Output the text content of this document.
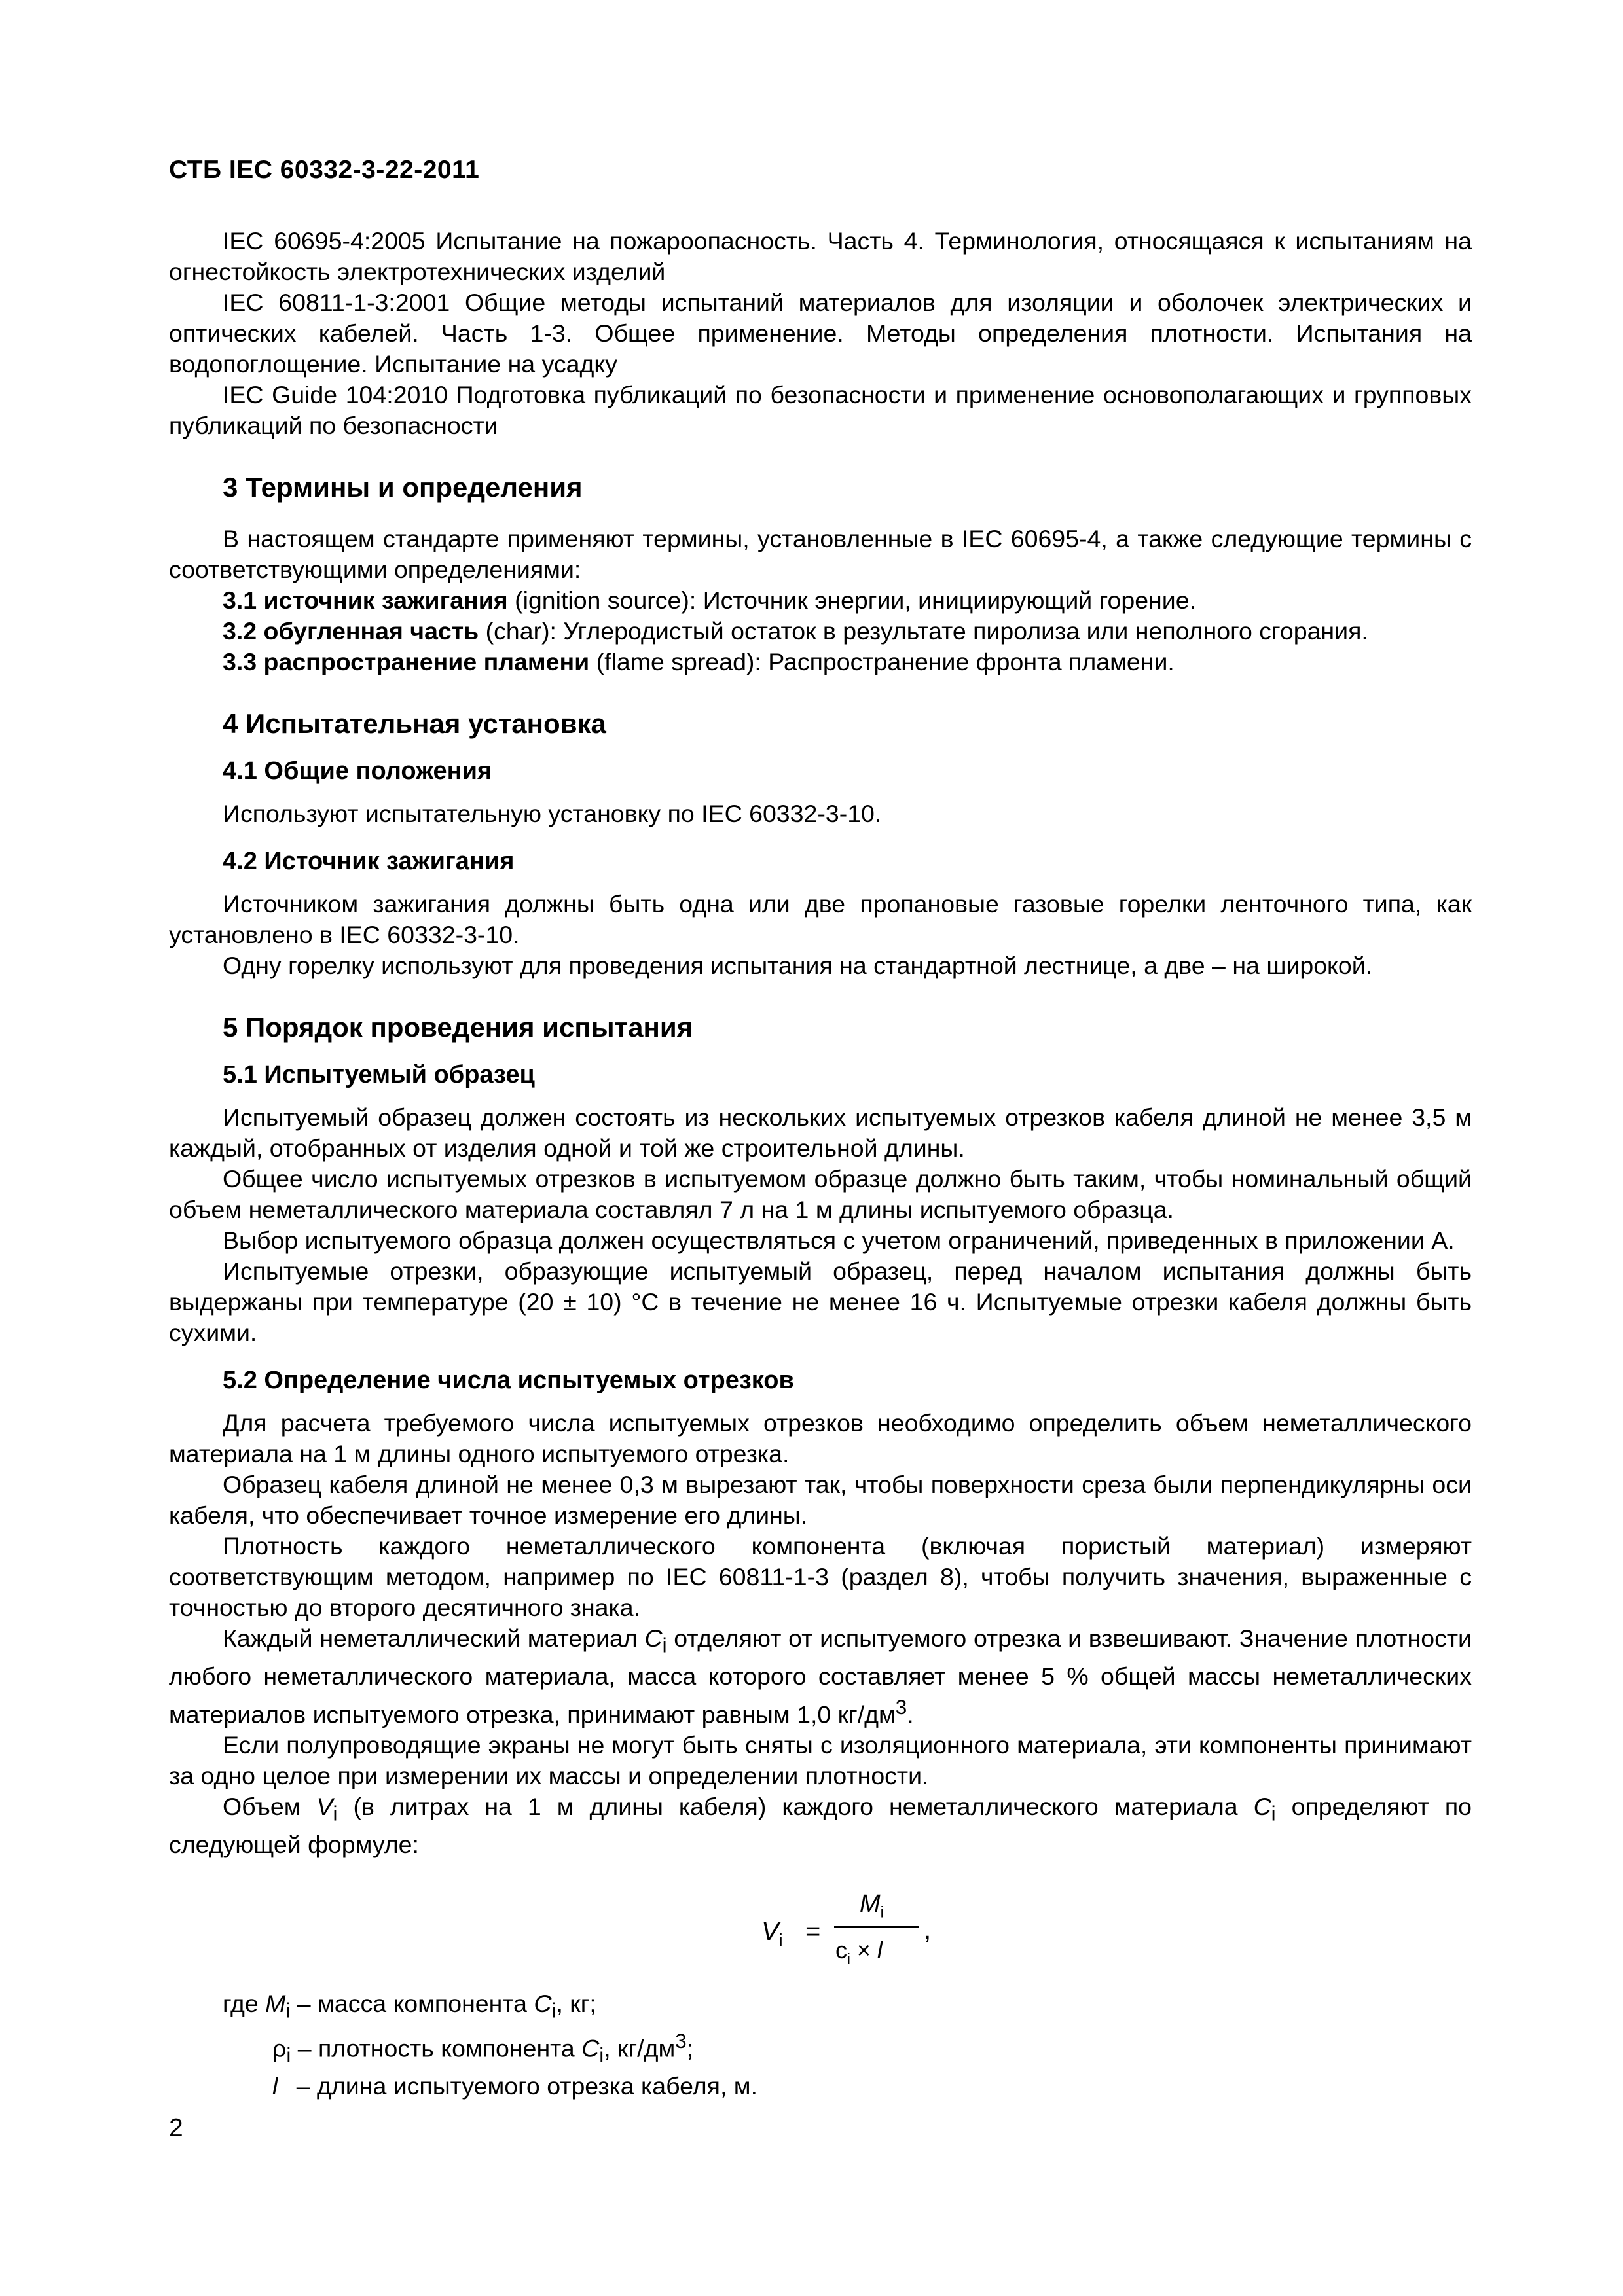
СТБ IEC 60332-3-22-2011

IEC 60695-4:2005 Испытание на пожароопасность. Часть 4. Терминология, относящаяся к испытаниям на огнестойкость электротехнических изделий

IEC 60811-1-3:2001 Общие методы испытаний материалов для изоляции и оболочек электрических и оптических кабелей. Часть 1-3. Общее применение. Методы определения плотности. Испытания на водопоглощение. Испытание на усадку

IEC Guide 104:2010 Подготовка публикаций по безопасности и применение основополагающих и групповых публикаций по безопасности

3 Термины и определения

В настоящем стандарте применяют термины, установленные в IEC 60695-4, а также следующие термины с соответствующими определениями:

3.1 источник зажигания (ignition source): Источник энергии, инициирующий горение.

3.2 обугленная часть (char): Углеродистый остаток в результате пиролиза или неполного сгорания.

3.3 распространение пламени (flame spread): Распространение фронта пламени.

4 Испытательная установка
4.1 Общие положения

Используют испытательную установку по IEC 60332-3-10.

4.2 Источник зажигания

Источником зажигания должны быть одна или две пропановые газовые горелки ленточного типа, как установлено в IEC 60332-3-10.

Одну горелку используют для проведения испытания на стандартной лестнице, а две – на широкой.

5 Порядок проведения испытания
5.1 Испытуемый образец

Испытуемый образец должен состоять из нескольких испытуемых отрезков кабеля длиной не менее 3,5 м каждый, отобранных от изделия одной и той же строительной длины.

Общее число испытуемых отрезков в испытуемом образце должно быть таким, чтобы номинальный общий объем неметаллического материала составлял 7 л на 1 м длины испытуемого образца.

Выбор испытуемого образца должен осуществляться с учетом ограничений, приведенных в приложении А.

Испытуемые отрезки, образующие испытуемый образец, перед началом испытания должны быть выдержаны при температуре (20 ± 10) °С в течение не менее 16 ч. Испытуемые отрезки кабеля должны быть сухими.

5.2 Определение числа испытуемых отрезков

Для расчета требуемого числа испытуемых отрезков необходимо определить объем неметаллического материала на 1 м длины одного испытуемого отрезка.

Образец кабеля длиной не менее 0,3 м вырезают так, чтобы поверхности среза были перпендикулярны оси кабеля, что обеспечивает точное измерение его длины.

Плотность каждого неметаллического компонента (включая пористый материал) измеряют соответствующим методом, например по IEC 60811-1-3 (раздел 8), чтобы получить значения, выраженные с точностью до второго десятичного знака.

Каждый неметаллический материал $C_i$ отделяют от испытуемого отрезка и взвешивают. Значение плотности любого неметаллического материала, масса которого составляет менее 5 % общей массы неметаллических материалов испытуемого отрезка, принимают равным 1,0 $кг/дм^3$.

Если полупроводящие экраны не могут быть сняты с изоляционного материала, эти компоненты принимают за одно целое при измерении их массы и определении плотности.

Объем $V_i$ (в литрах на 1 м длины кабеля) каждого неметаллического материала $C_i$ определяют по следующей формуле:

$V_i$ =
$M_i$
$c_i \times l$
,
где $M_i$ – масса компонента $C_i$, кг;
$\rho_i$ – плотность компонента $C_i$, $кг/дм^3$;
l – длина испытуемого отрезка кабеля, м.
2
